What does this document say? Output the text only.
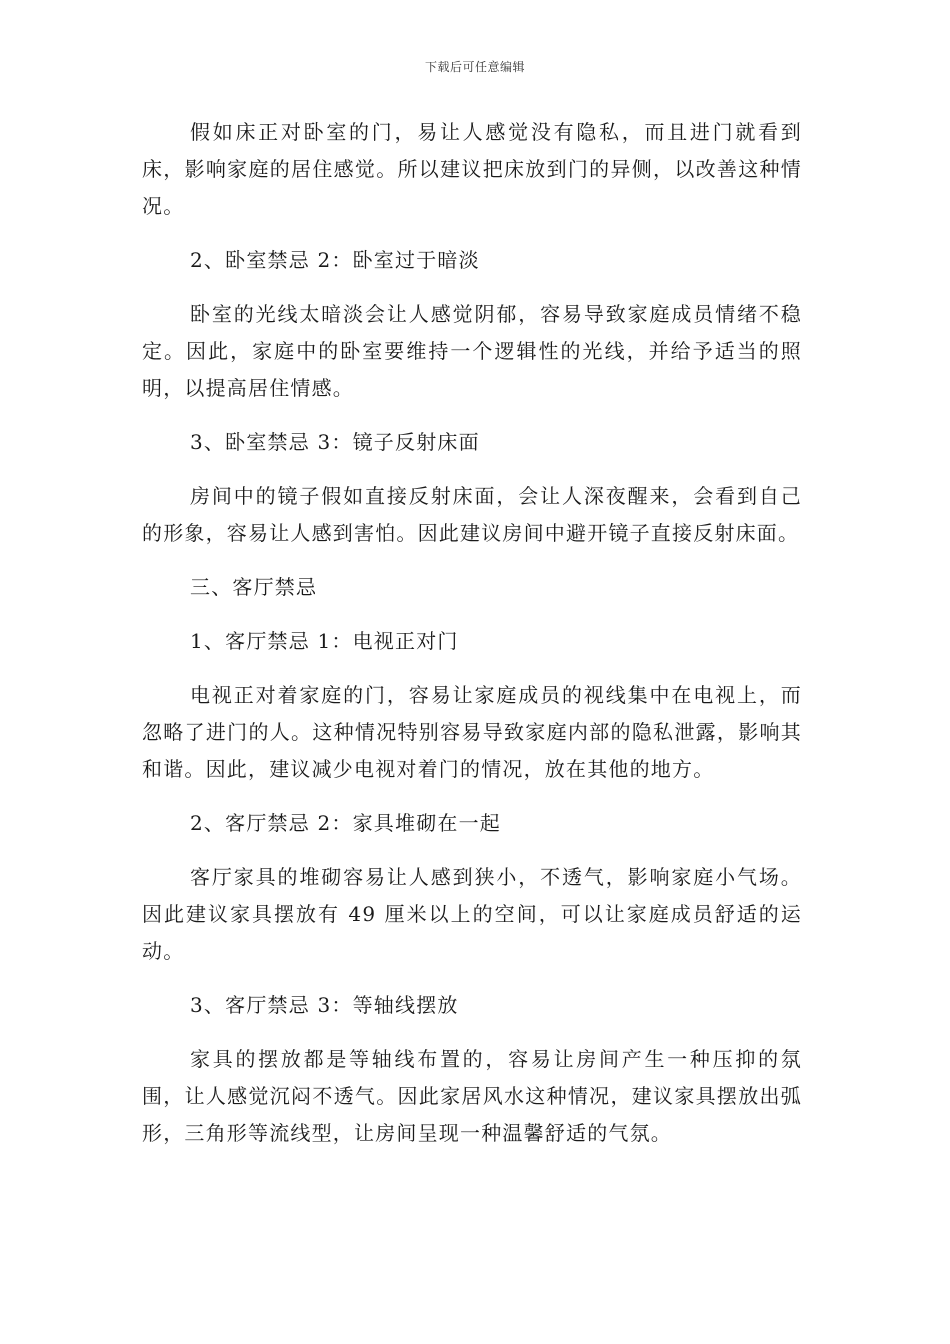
下载后可任意编辑

假如床正对卧室的门，易让人感觉没有隐私，而且进门就看到床，影响家庭的居住感觉。所以建议把床放到门的异侧，以改善这种情况。

2、卧室禁忌 2：卧室过于暗淡

卧室的光线太暗淡会让人感觉阴郁，容易导致家庭成员情绪不稳定。因此，家庭中的卧室要维持一个逻辑性的光线，并给予适当的照明，以提高居住情感。

3、卧室禁忌 3：镜子反射床面

房间中的镜子假如直接反射床面，会让人深夜醒来，会看到自己的形象，容易让人感到害怕。因此建议房间中避开镜子直接反射床面。

三、客厅禁忌

1、客厅禁忌 1：电视正对门

电视正对着家庭的门，容易让家庭成员的视线集中在电视上，而忽略了进门的人。这种情况特别容易导致家庭内部的隐私泄露，影响其和谐。因此，建议减少电视对着门的情况，放在其他的地方。

2、客厅禁忌 2：家具堆砌在一起

客厅家具的堆砌容易让人感到狭小，不透气，影响家庭小气场。因此建议家具摆放有 49 厘米以上的空间，可以让家庭成员舒适的运动。

3、客厅禁忌 3：等轴线摆放

家具的摆放都是等轴线布置的，容易让房间产生一种压抑的氛围，让人感觉沉闷不透气。因此家居风水这种情况，建议家具摆放出弧形，三角形等流线型，让房间呈现一种温馨舒适的气氛。
